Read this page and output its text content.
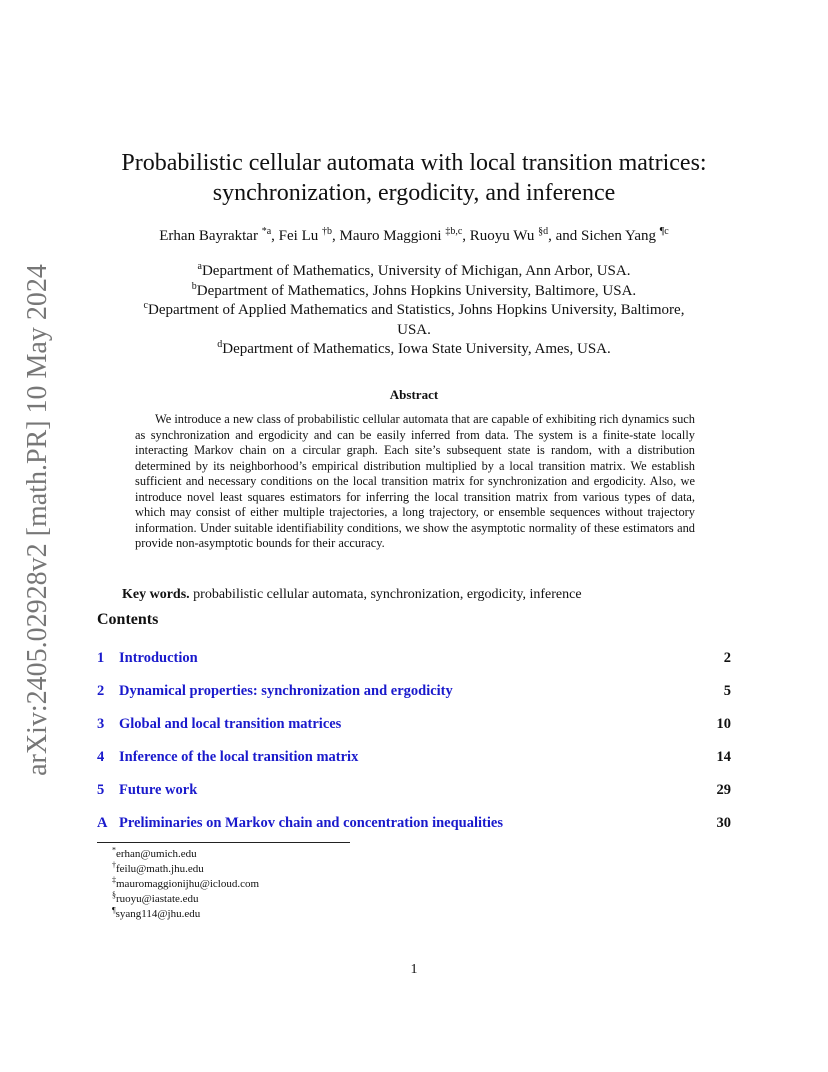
arXiv:2405.02928v2 [math.PR] 10 May 2024
Probabilistic cellular automata with local transition matrices:
synchronization, ergodicity, and inference
Erhan Bayraktar $^{*a}$, Fei Lu $^{\dagger b}$, Mauro Maggioni $^{\ddagger b,c}$, Ruoyu Wu $^{\S d}$, and Sichen Yang $^{\P c}$
$^a$Department of Mathematics, University of Michigan, Ann Arbor, USA.
$^b$Department of Mathematics, Johns Hopkins University, Baltimore, USA.
$^c$Department of Applied Mathematics and Statistics, Johns Hopkins University, Baltimore,
USA.
$^d$Department of Mathematics, Iowa State University, Ames, USA.
Abstract

We introduce a new class of probabilistic cellular automata that are capable of exhibiting rich dynamics such as synchronization and ergodicity and can be easily inferred from data. The system is a finite-state locally interacting Markov chain on a circular graph. Each site’s subsequent state is random, with a distribution determined by its neighborhood’s empirical distribution multiplied by a local transition matrix. We establish sufficient and necessary conditions on the local transition matrix for synchronization and ergodicity. Also, we introduce novel least squares estimators for inferring the local transition matrix from various types of data, which may consist of either multiple trajectories, a long trajectory, or ensemble sequences without trajectory information. Under suitable identifiability conditions, we show the asymptotic normality of these estimators and provide non-asymptotic bounds for their accuracy.

Key words. probabilistic cellular automata, synchronization, ergodicity, inference
Contents
1 Introduction	2
2 Dynamical properties: synchronization and ergodicity	5
3 Global and local transition matrices	10
4 Inference of the local transition matrix	14
5 Future work	29
A Preliminaries on Markov chain and concentration inequalities	30
*erhan@umich.edu
†feilu@math.jhu.edu
‡mauromaggionijhu@icloud.com
§ruoyu@iastate.edu
¶syang114@jhu.edu
1
